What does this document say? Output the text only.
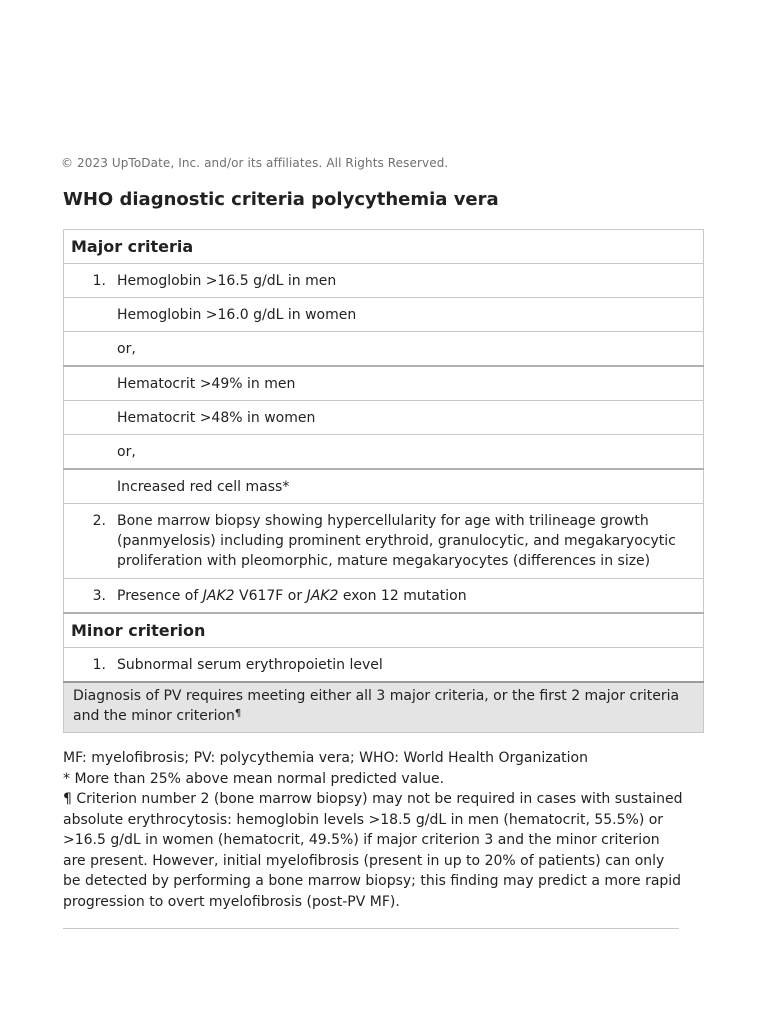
© 2023 UpToDate, Inc. and/or its affiliates. All Rights Reserved.
WHO diagnostic criteria polycythemia vera
Major criteria

1. Hemoglobin >16.5 g/dL in men

Hemoglobin >16.0 g/dL in women

or,

Hematocrit >49% in men

Hematocrit >48% in women

or,

Increased red cell mass*

2. Bone marrow biopsy showing hypercellularity for age with trilineage growth (panmyelosis) including prominent erythroid, granulocytic, and megakaryocytic proliferation with pleomorphic, mature megakaryocytes (differences in size)

3. Presence of JAK2 V617F or JAK2 exon 12 mutation

Minor criterion

1. Subnormal serum erythropoietin level

Diagnosis of PV requires meeting either all 3 major criteria, or the first 2 major criteria and the minor criterion¶
MF: myelofibrosis; PV: polycythemia vera; WHO: World Health Organization
* More than 25% above mean normal predicted value.
¶ Criterion number 2 (bone marrow biopsy) may not be required in cases with sustained absolute erythrocytosis: hemoglobin levels >18.5 g/dL in men (hematocrit, 55.5%) or >16.5 g/dL in women (hematocrit, 49.5%) if major criterion 3 and the minor criterion are present. However, initial myelofibrosis (present in up to 20% of patients) can only be detected by performing a bone marrow biopsy; this finding may predict a more rapid progression to overt myelofibrosis (post-PV MF).
